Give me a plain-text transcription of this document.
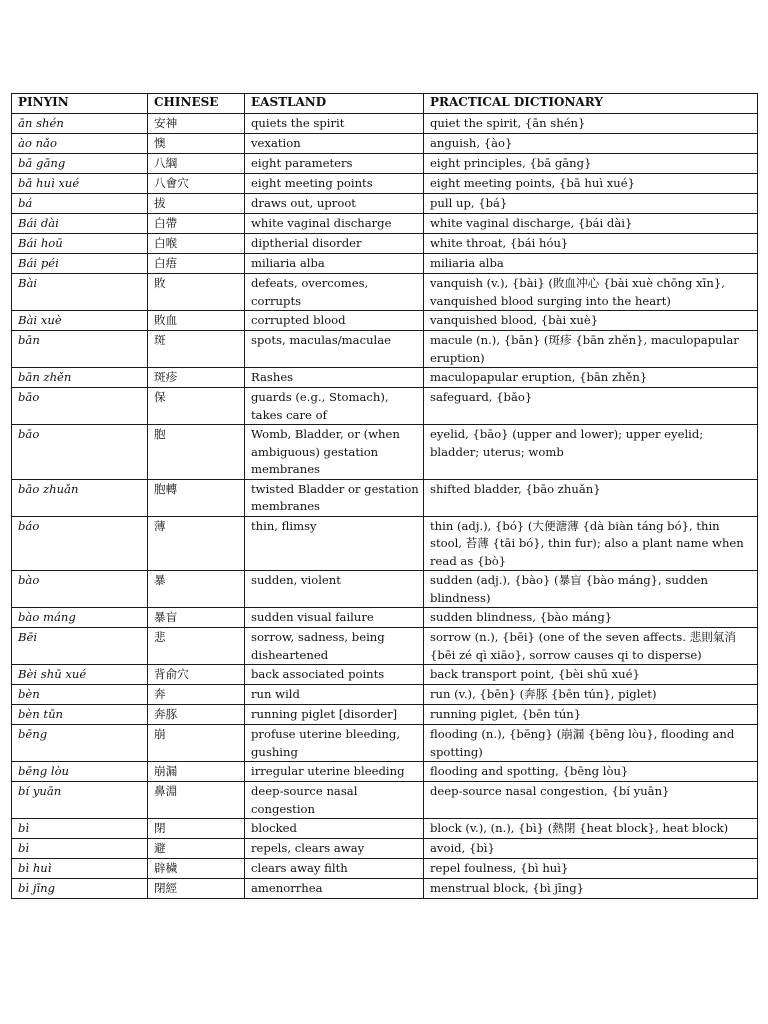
PINYIN	CHINESE	EASTLAND	PRACTICAL DICTIONARY
ān shén	安神	quiets the spirit	quiet the spirit, {ān shén}
ào nǎo	懊	vexation	anguish, {ào}
bā gāng	八綱	eight parameters	eight principles, {bā gāng}
bā huì xué	八會穴	eight meeting points	eight meeting points, {bā huì xué}
bá	拔	draws out, uproot	pull up, {bá}
Bái dài	白帶	white vaginal discharge	white vaginal discharge, {bái dài}
Bái hoū	白喉	diptherial disorder	white throat, {bái hóu}
Bái péi	白痦	miliaria alba	miliaria alba
Bài	敗	defeats, overcomes, corrupts	vanquish (v.), {bài} (敗血冲心 {bài xuè chōng xīn}, vanquished blood surging into the heart)
Bài xuè	敗血	corrupted blood	vanquished blood, {bài xuè}
bān	斑	spots, maculas/maculae	macule (n.), {bān} (斑疹 {bān zhěn}, maculopapular eruption)
bān zhěn	斑疹	Rashes	maculopapular eruption, {bān zhěn}
bāo	保	guards (e.g., Stomach), takes care of	safeguard, {bǎo}
bāo	胞	Womb, Bladder, or (when ambiguous) gestation membranes	eyelid, {bāo} (upper and lower); upper eyelid; bladder; uterus; womb
bāo zhuǎn	胞轉	twisted Bladder or gestation membranes	shifted bladder, {bāo zhuǎn}
báo	薄	thin, flimsy	thin (adj.), {bó} (大便溏薄 {dà biàn táng bó}, thin stool, 苔薄 {tāi bó}, thin fur); also a plant name when read as {bò}
bào	暴	sudden, violent	sudden (adj.), {bào} (暴盲 {bào máng}, sudden blindness)
bào máng	暴盲	sudden visual failure	sudden blindness, {bào máng}
Bēi	悲	sorrow, sadness, being disheartened	sorrow (n.), {bēi} (one of the seven affects. 悲則氣消 {bēi zé qì xiāo}, sorrow causes qi to disperse)
Bèi shū xué	背俞穴	back associated points	back transport point, {bèi shū xué}
bèn	奔	run wild	run (v.), {bēn} (奔豚 {bēn tún}, piglet)
bèn tūn	奔豚	running piglet [disorder]	running piglet, {bēn tún}
bēng	崩	profuse uterine bleeding, gushing	flooding (n.), {bēng} (崩漏 {bēng lòu}, flooding and spotting)
bēng lòu	崩漏	irregular uterine bleeding	flooding and spotting, {bēng lòu}
bí yuān	鼻淵	deep-source nasal congestion	deep-source nasal congestion, {bí yuān}
bì	閉	blocked	block (v.), (n.), {bì} (熱閉 {heat block}, heat block)
bì	避	repels, clears away	avoid, {bì}
bì huì	辟穢	clears away filth	repel foulness, {bì huì}
bì jīng	閉經	amenorrhea	menstrual block, {bì jīng}
